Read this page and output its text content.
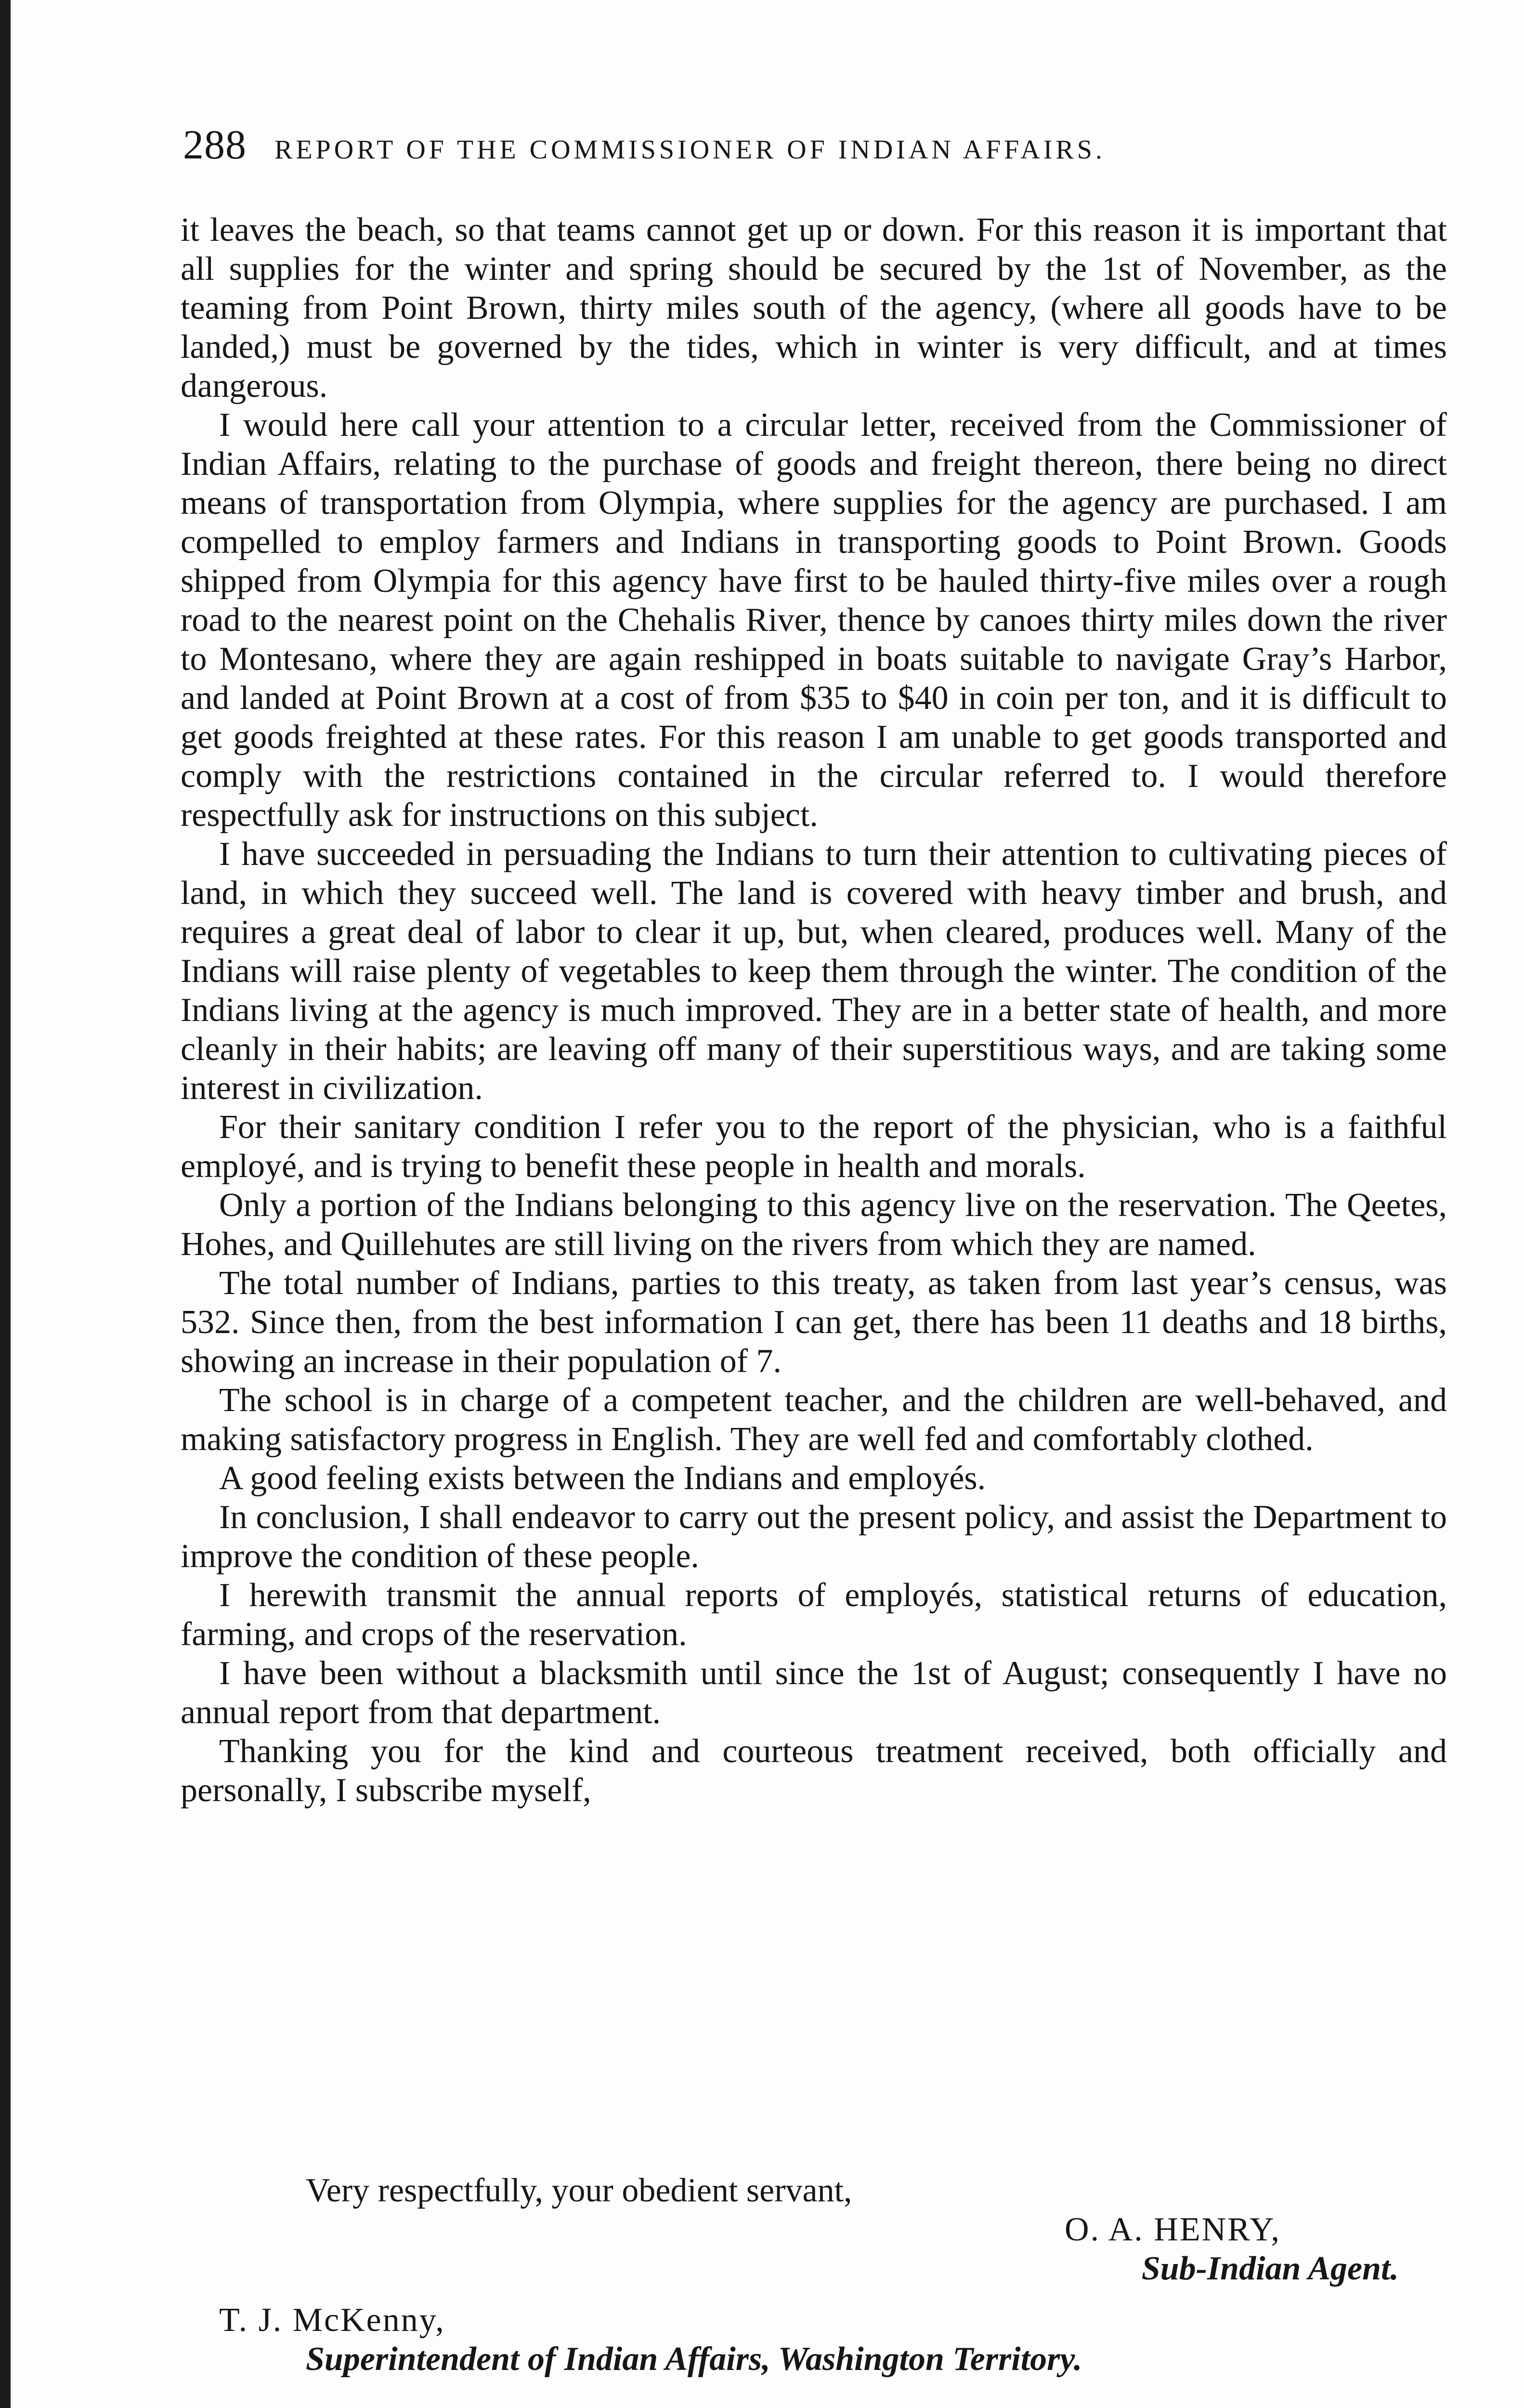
288 REPORT OF THE COMMISSIONER OF INDIAN AFFAIRS.

it leaves the beach, so that teams cannot get up or down. For this reason it is important that all supplies for the winter and spring should be secured by the 1st of November, as the teaming from Point Brown, thirty miles south of the agency, (where all goods have to be landed,) must be governed by the tides, which in winter is very difficult, and at times dangerous.

I would here call your attention to a circular letter, received from the Commissioner of Indian Affairs, relating to the purchase of goods and freight thereon, there being no direct means of transportation from Olympia, where supplies for the agency are purchased. I am compelled to employ farmers and Indians in transporting goods to Point Brown. Goods shipped from Olympia for this agency have first to be hauled thirty-five miles over a rough road to the nearest point on the Chehalis River, thence by canoes thirty miles down the river to Montesano, where they are again reshipped in boats suitable to navigate Gray’s Harbor, and landed at Point Brown at a cost of from $35 to $40 in coin per ton, and it is difficult to get goods freighted at these rates. For this reason I am unable to get goods transported and comply with the restrictions contained in the circular referred to. I would therefore respectfully ask for instructions on this subject.

I have succeeded in persuading the Indians to turn their attention to cultivating pieces of land, in which they succeed well. The land is covered with heavy timber and brush, and requires a great deal of labor to clear it up, but, when cleared, produces well. Many of the Indians will raise plenty of vegetables to keep them through the winter. The condition of the Indians living at the agency is much improved. They are in a better state of health, and more cleanly in their habits; are leaving off many of their superstitious ways, and are taking some interest in civilization.

For their sanitary condition I refer you to the report of the physician, who is a faithful employé, and is trying to benefit these people in health and morals.

Only a portion of the Indians belonging to this agency live on the reservation. The Qeetes, Hohes, and Quillehutes are still living on the rivers from which they are named.

The total number of Indians, parties to this treaty, as taken from last year’s census, was 532. Since then, from the best information I can get, there has been 11 deaths and 18 births, showing an increase in their population of 7.

The school is in charge of a competent teacher, and the children are well-behaved, and making satisfactory progress in English. They are well fed and comfortably clothed.

A good feeling exists between the Indians and employés.

In conclusion, I shall endeavor to carry out the present policy, and assist the Department to improve the condition of these people.

I herewith transmit the annual reports of employés, statistical returns of education, farming, and crops of the reservation.

I have been without a blacksmith until since the 1st of August; consequently I have no annual report from that department.

Thanking you for the kind and courteous treatment received, both officially and personally, I subscribe myself,

Very respectfully, your obedient servant,

O. A. HENRY,

Sub-Indian Agent.

T. J. McKenny,

Superintendent of Indian Affairs, Washington Territory.
